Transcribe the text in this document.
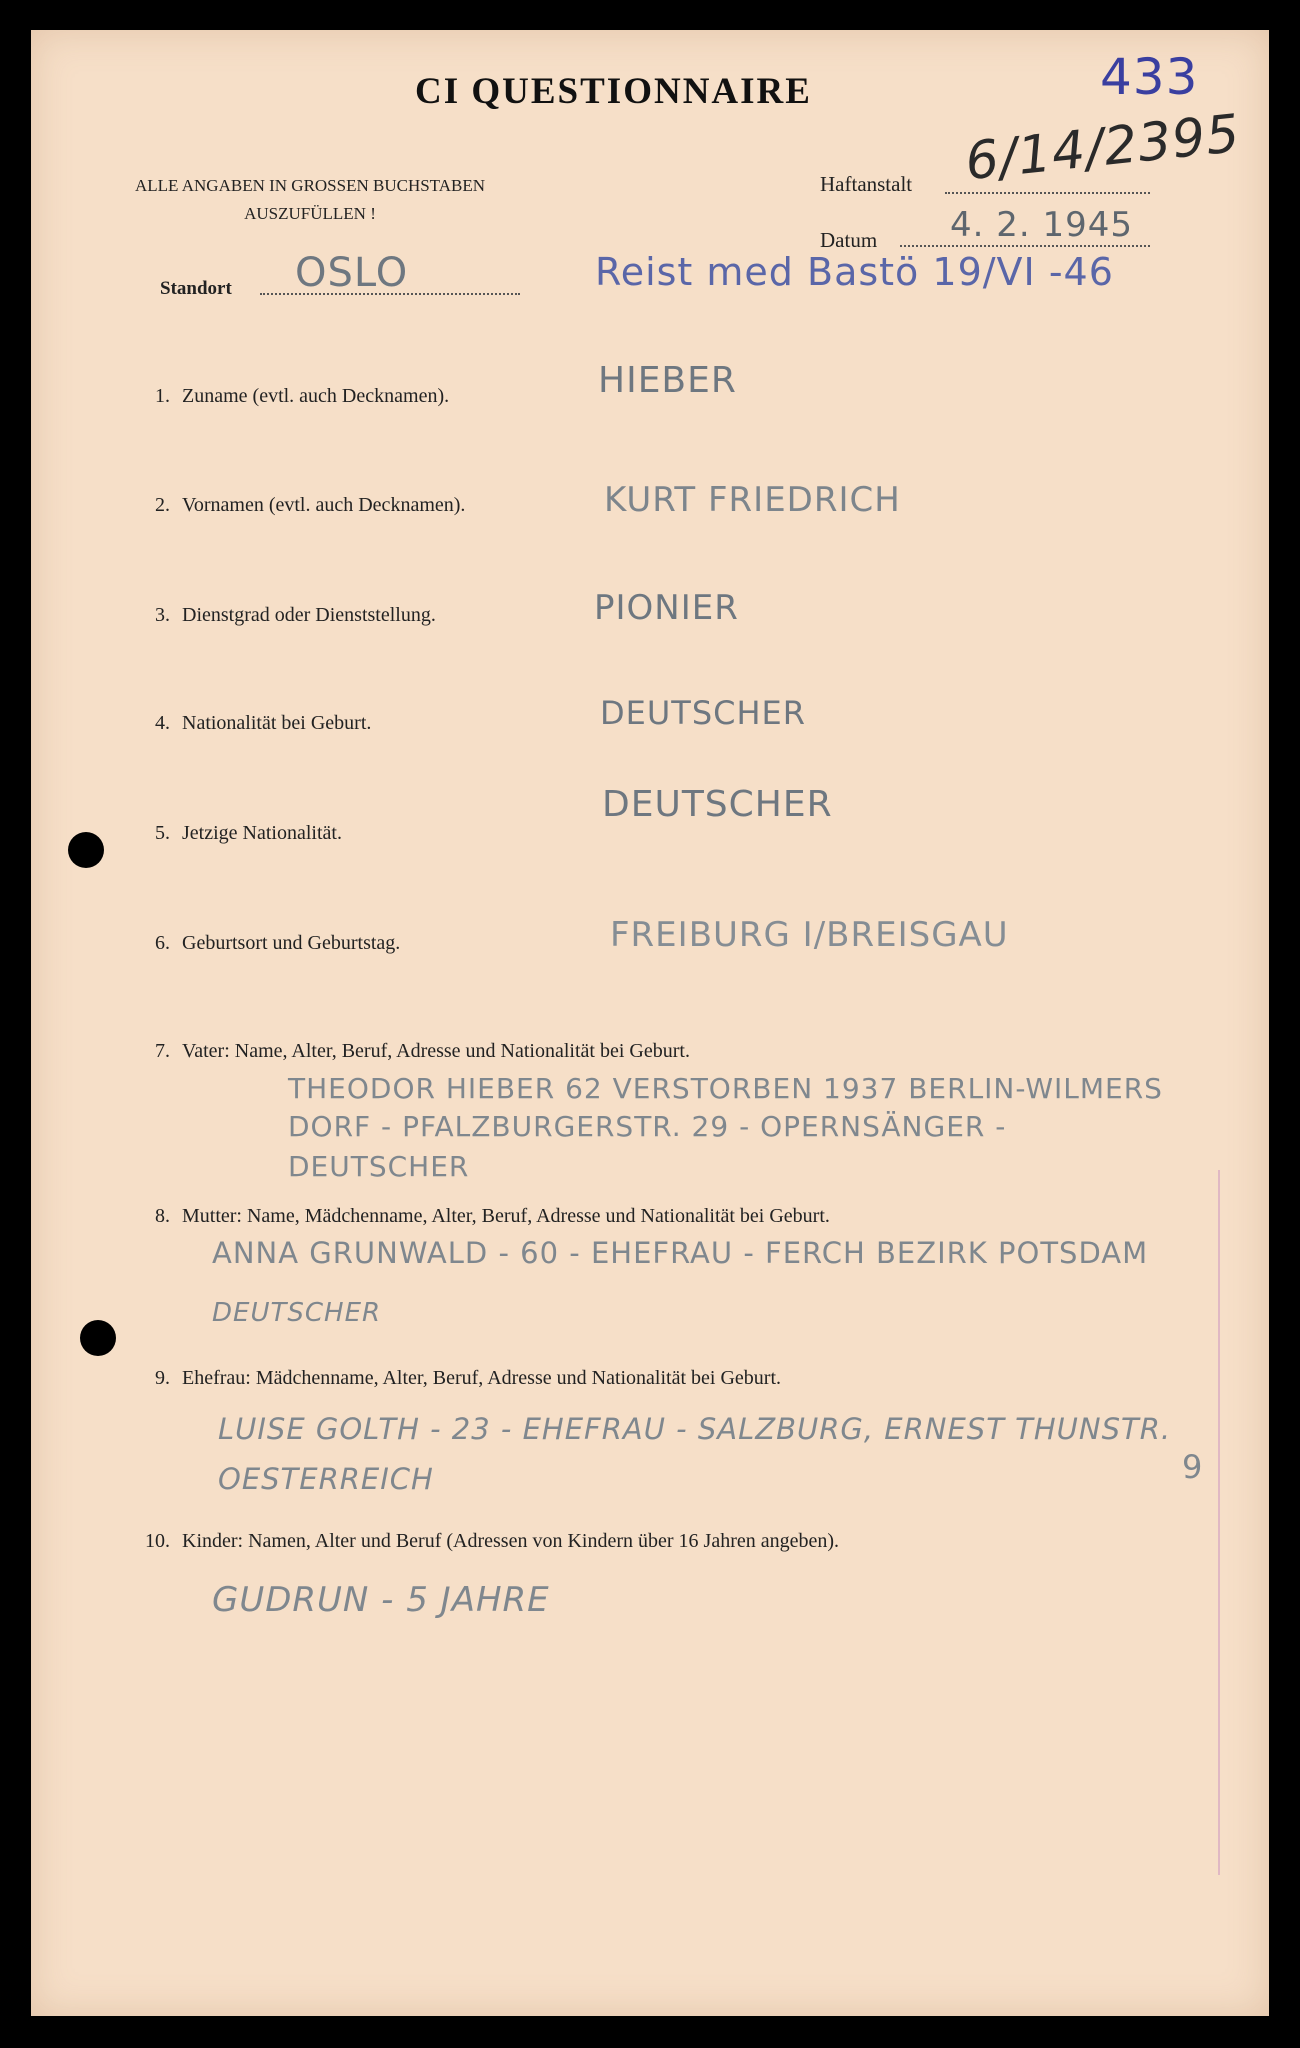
CI QUESTIONNAIRE	433
ALLE ANGABEN IN GROSSEN BUCHSTABEN AUSZUFÜLLEN !
Haftanstalt 6/14/2395
Datum 4. 2. 1945
Standort OSLO	Reist med Bastö 19/VI -46
1. Zuname (evtl. auch Decknamen).	HIEBER
2. Vornamen (evtl. auch Decknamen).	KURT FRIEDRICH
3. Dienstgrad oder Dienststellung.	PIONIER
4. Nationalität bei Geburt.	DEUTSCHER
5. Jetzige Nationalität.
DEUTSCHER
6. Geburtsort und Geburtstag.	FREIBURG I/BREISGAU
7. Vater: Name, Alter, Beruf, Adresse und Nationalität bei Geburt.
THEODOR HIEBER 62 VERSTORBEN 1937 BERLIN-WILMERS
DORF - PFALZBURGERSTR. 29 - OPERNSÄNGER -
DEUTSCHER
8. Mutter: Name, Mädchenname, Alter, Beruf, Adresse und Nationalität bei Geburt.
ANNA GRUNWALD - 60 - EHEFRAU - FERCH BEZIRK POTSDAM
DEUTSCHER
9. Ehefrau: Mädchenname, Alter, Beruf, Adresse und Nationalität bei Geburt.
LUISE GOLTH - 23 - EHEFRAU - SALZBURG, ERNEST THUNSTR.
OESTERREICH	9
10. Kinder: Namen, Alter und Beruf (Adressen von Kindern über 16 Jahren angeben).
GUDRUN - 5 JAHRE
